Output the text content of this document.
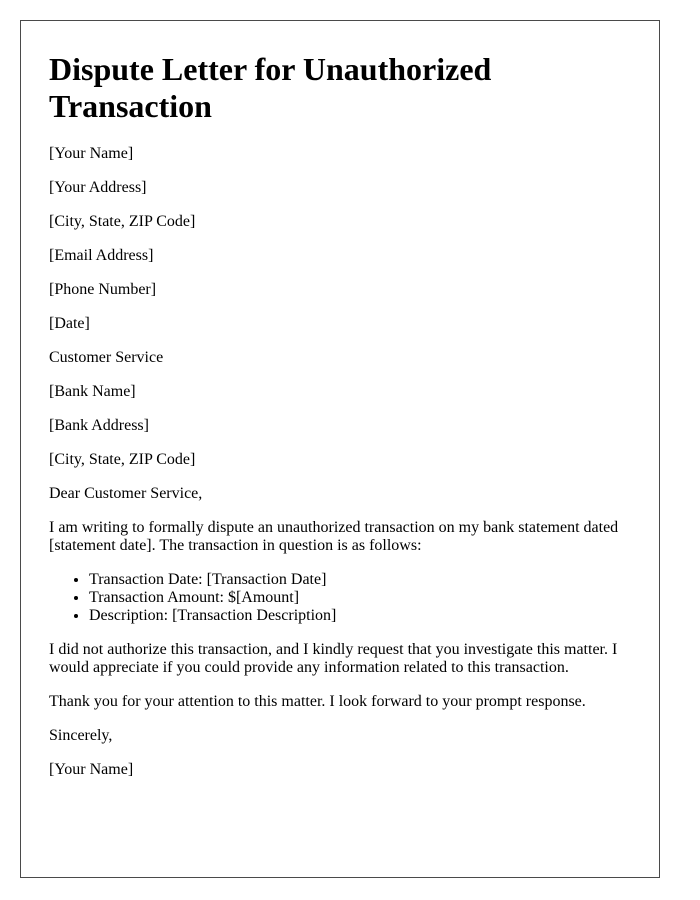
Dispute Letter for Unauthorized Transaction

[Your Name]

[Your Address]

[City, State, ZIP Code]

[Email Address]

[Phone Number]

[Date]

Customer Service

[Bank Name]

[Bank Address]

[City, State, ZIP Code]

Dear Customer Service,

I am writing to formally dispute an unauthorized transaction on my bank statement dated [statement date]. The transaction in question is as follows:

• Transaction Date: [Transaction Date]
• Transaction Amount: $[Amount]
• Description: [Transaction Description]

I did not authorize this transaction, and I kindly request that you investigate this matter. I would appreciate if you could provide any information related to this transaction.

Thank you for your attention to this matter. I look forward to your prompt response.

Sincerely,

[Your Name]
